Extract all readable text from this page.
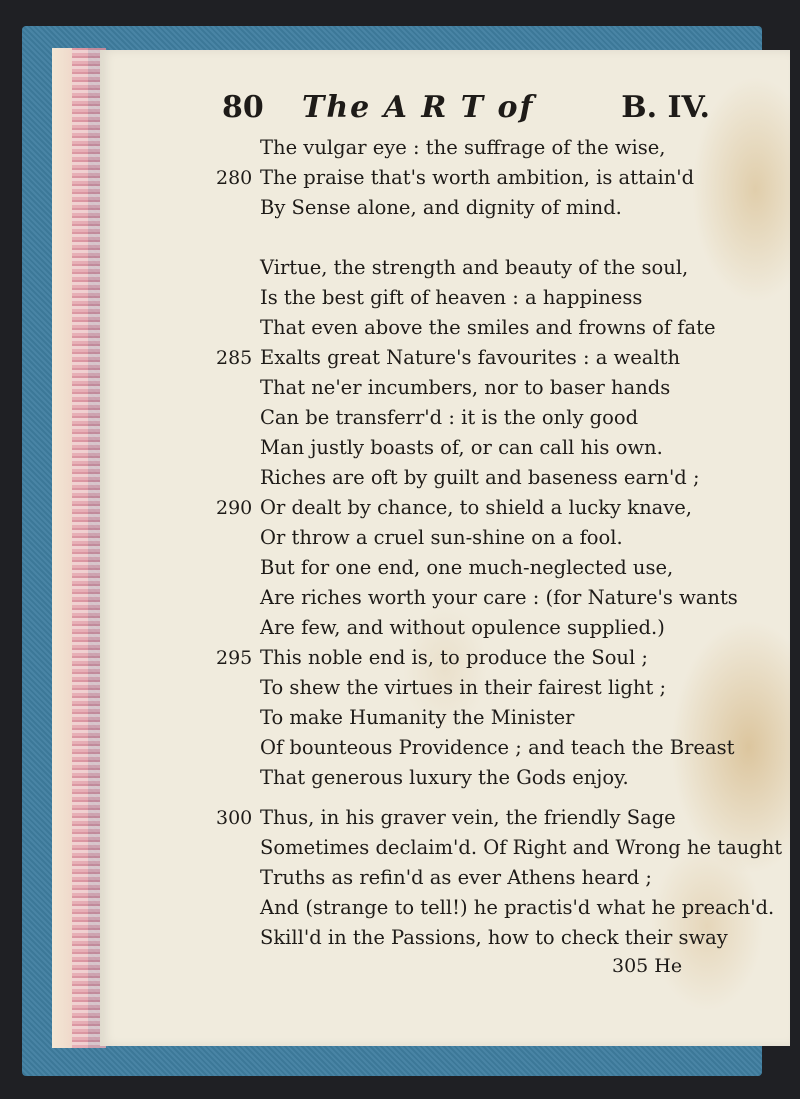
80 The A R T of	B. IV.
The vulgar eye : the suffrage of the wise,
The praise that's worth ambition, is attain'd
By Sense alone, and dignity of mind.
Virtue, the strength and beauty of the soul,
Is the best gift of heaven : a happiness
That even above the smiles and frowns of fate
Exalts great Nature's favourites : a wealth
That ne'er incumbers, nor to baser hands
Can be transferr'd : it is the only good
Man justly boasts of, or can call his own.
Riches are oft by guilt and baseness earn'd ;
Or dealt by chance, to shield a lucky knave,
Or throw a cruel sun-shine on a fool.
But for one end, one much-neglected use,
Are riches worth your care : (for Nature's wants
Are few, and without opulence supplied.)
This noble end is, to produce the Soul ;
To shew the virtues in their fairest light ;
To make Humanity the Minister
Of bounteous Providence ; and teach the Breast
That generous luxury the Gods enjoy.
Thus, in his graver vein, the friendly Sage
Sometimes declaim'd. Of Right and Wrong he taught
Truths as refin'd as ever Athens heard ;
And (strange to tell!) he practis'd what he preach'd.
Skill'd in the Passions, how to check their sway
280
285
290
295
300
305 He
